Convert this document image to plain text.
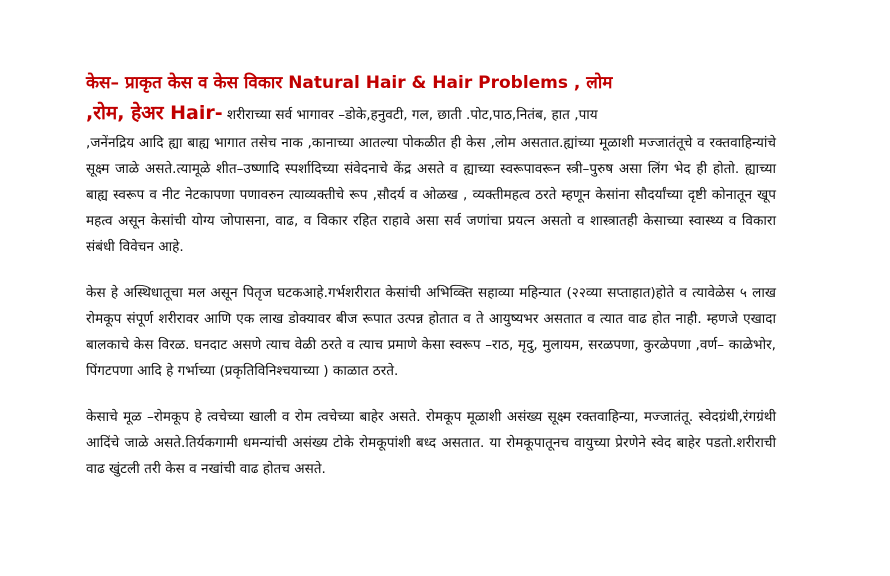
केस– प्राकृत केस व केस विकार Natural Hair & Hair Problems , लोम

,रोम, हेअर Hair- शरीराच्या सर्व भागावर –डोके,हनुवटी, गल, छाती .पोट,पाठ,नितंब, हात ,पाय

,जनेंनद्रिय आदि ह्या बाह्य भागात तसेच नाक ,कानाच्या आतल्या पोकळीत ही केस ,लोम असतात.ह्यांच्या मूळाशी मज्जातंतूचे व रक्तवाहिन्यांचे सूक्ष्म जाळे असते.त्यामूळे शीत–उष्णादि स्पर्शादिच्या संवेदनाचे केंद्र असते व ह्याच्या स्वरूपावरून स्त्री–पुरुष असा लिंग भेद ही होतो. ह्याच्या बाह्य स्वरूप व नीट नेटकापणा पणावरुन त्याव्यक्तीचे रूप ,सौदर्य व ओळख , व्यक्तीमहत्व ठरते म्हणून केसांना सौदर्यांच्या दृष्टी कोनातून खूप महत्व असून केसांची योग्य जोपासना, वाढ, व विकार रहित राहावे असा सर्व जणांचा प्रयत्न असतो व शास्त्रातही केसाच्या स्वास्थ्य व विकारा संबंधी विवेचन आहे.

केस हे अस्थिधातूचा मल असून पितृज घटकआहे.गर्भशरीरात केसांची अभिव्क्ति सहाव्या महिन्यात (२२व्या सप्ताहात)होते व त्यावेळेस ५ लाख रोमकूप संपूर्ण शरीरावर आणि एक लाख डोक्यावर बीज रूपात उत्पन्न होतात व ते आयुष्यभर असतात व त्यात वाढ होत नाही. म्हणजे एखादा बालकाचे केस विरळ. घनदाट असणे त्याच वेळी ठरते व त्याच प्रमाणे केसा स्वरूप –राठ, मृदु, मुलायम, सरळपणा, कुरळेपणा ,वर्ण– काळेभोर, पिंगटपणा आदि हे गर्भाच्या (प्रकृतिविनिश्चयाच्या ) काळात ठरते.

केसाचे मूळ –रोमकूप हे त्वचेच्या खाली व रोम त्वचेच्या बाहेर असते. रोमकूप मूळाशी असंख्य सूक्ष्म रक्तवाहिन्या, मज्जातंतू. स्वेदग्रंथी,रंगग्रंथी आदिंचे जाळे असते.तिर्यकगामी धमन्यांची असंख्य टोके रोमकूपांशी बध्द असतात. या रोमकूपातूनच वायुच्या प्रेरणेने स्वेद बाहेर पडतो.शरीराची वाढ खुंटली तरी केस व नखांची वाढ होतच असते.
